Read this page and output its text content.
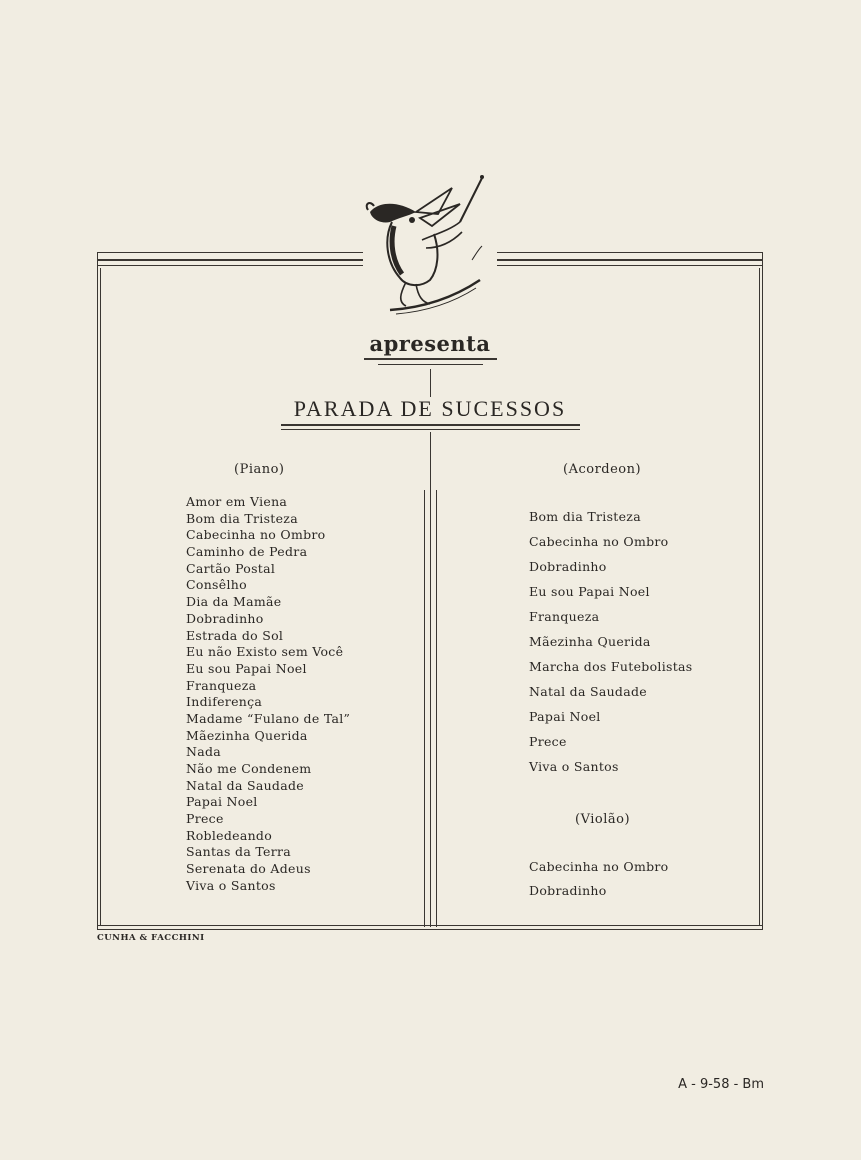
apresenta
PARADA DE SUCESSOS
(Piano)
Amor em Viena
Bom dia Tristeza
Cabecinha no Ombro
Caminho de Pedra
Cartão Postal
Consêlho
Dia da Mamãe
Dobradinho
Estrada do Sol
Eu não Existo sem Você
Eu sou Papai Noel
Franqueza
Indiferença
Madame “Fulano de Tal”
Mãezinha Querida
Nada
Não me Condenem
Natal da Saudade
Papai Noel
Prece
Robledeando
Santas da Terra
Serenata do Adeus
Viva o Santos
(Acordeon)
Bom dia Tristeza
Cabecinha no Ombro
Dobradinho
Eu sou Papai Noel
Franqueza
Mãezinha Querida
Marcha dos Futebolistas
Natal da Saudade
Papai Noel
Prece
Viva o Santos
(Violão)
Cabecinha no Ombro
Dobradinho
CUNHA & FACCHINI
A - 9-58 - Bm
